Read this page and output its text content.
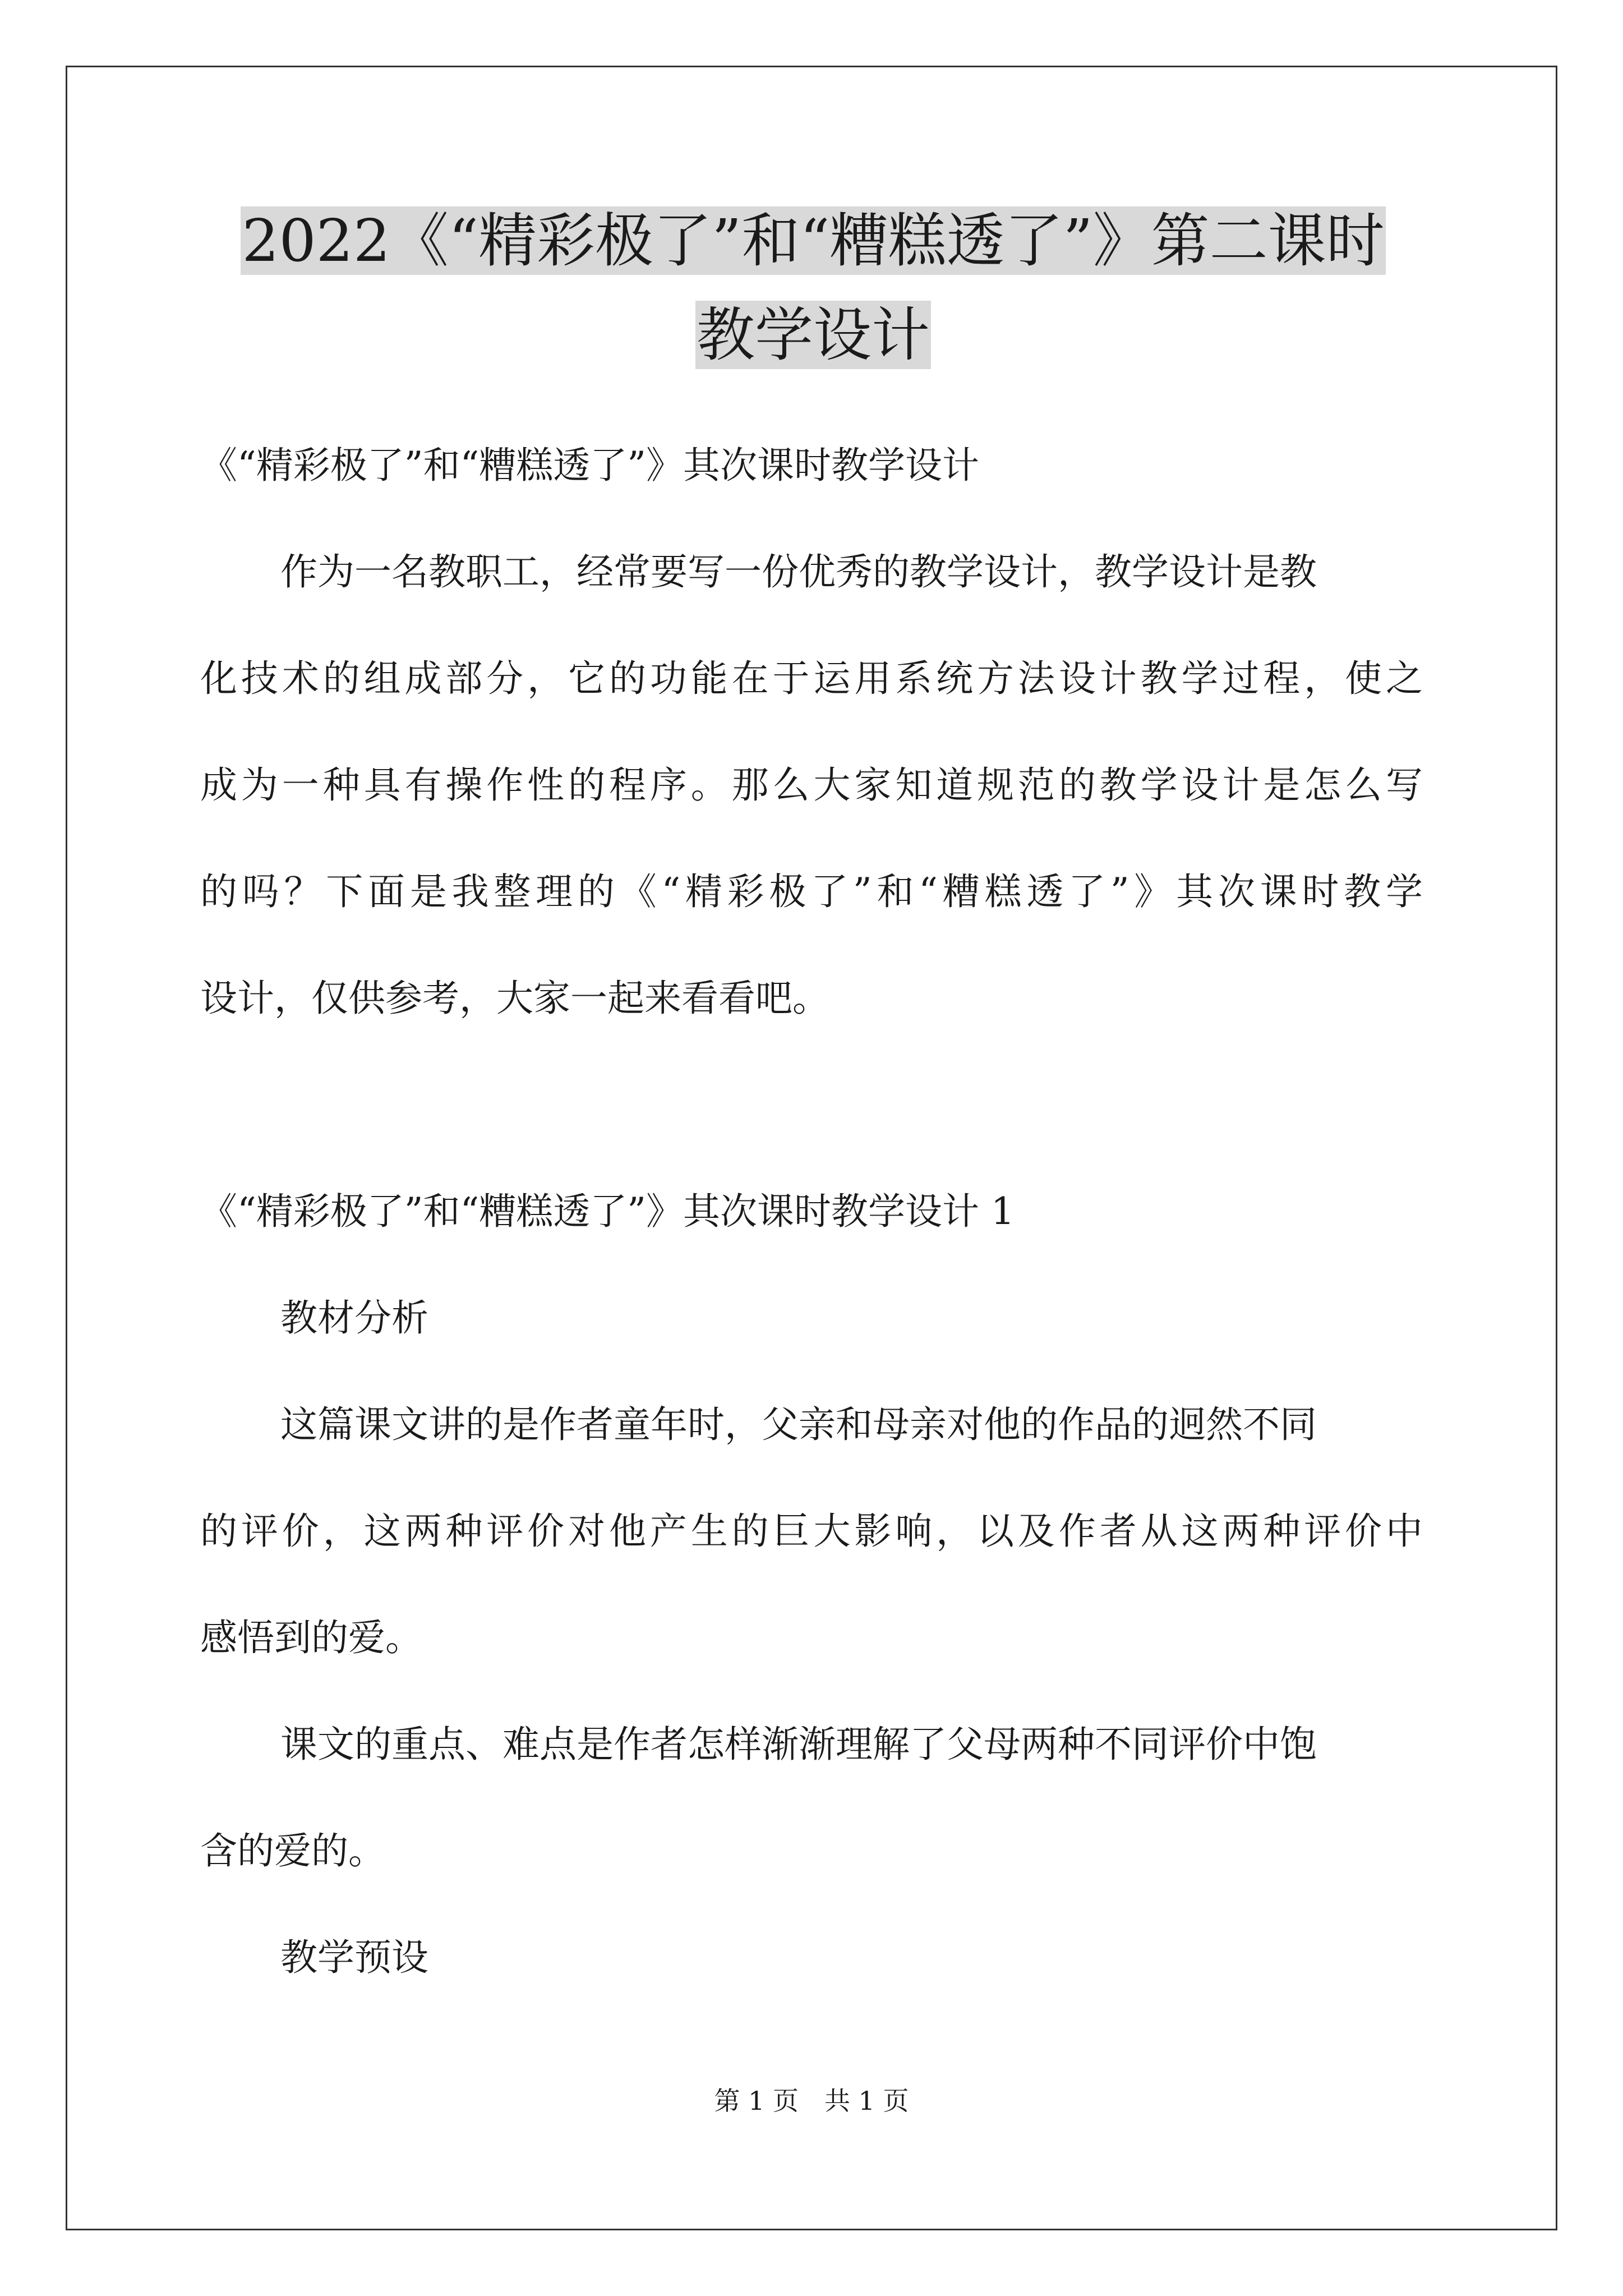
2022《“精彩极了”和“糟糕透了”》第二课时
教学设计

《“精彩极了”和“糟糕透了”》其次课时教学设计

作为一名教职工，经常要写一份优秀的教学设计，教学设计是教

化技术的组成部分，它的功能在于运用系统方法设计教学过程，使之

成为一种具有操作性的程序。那么大家知道规范的教学设计是怎么写

的吗？下面是我整理的《“精彩极了”和“糟糕透了”》其次课时教学

设计，仅供参考，大家一起来看看吧。

《“精彩极了”和“糟糕透了”》其次课时教学设计 1

教材分析

这篇课文讲的是作者童年时，父亲和母亲对他的作品的迥然不同

的评价，这两种评价对他产生的巨大影响，以及作者从这两种评价中

感悟到的爱。

课文的重点、难点是作者怎样渐渐理解了父母两种不同评价中饱

含的爱的。

教学预设

第 1 页　共 1 页
